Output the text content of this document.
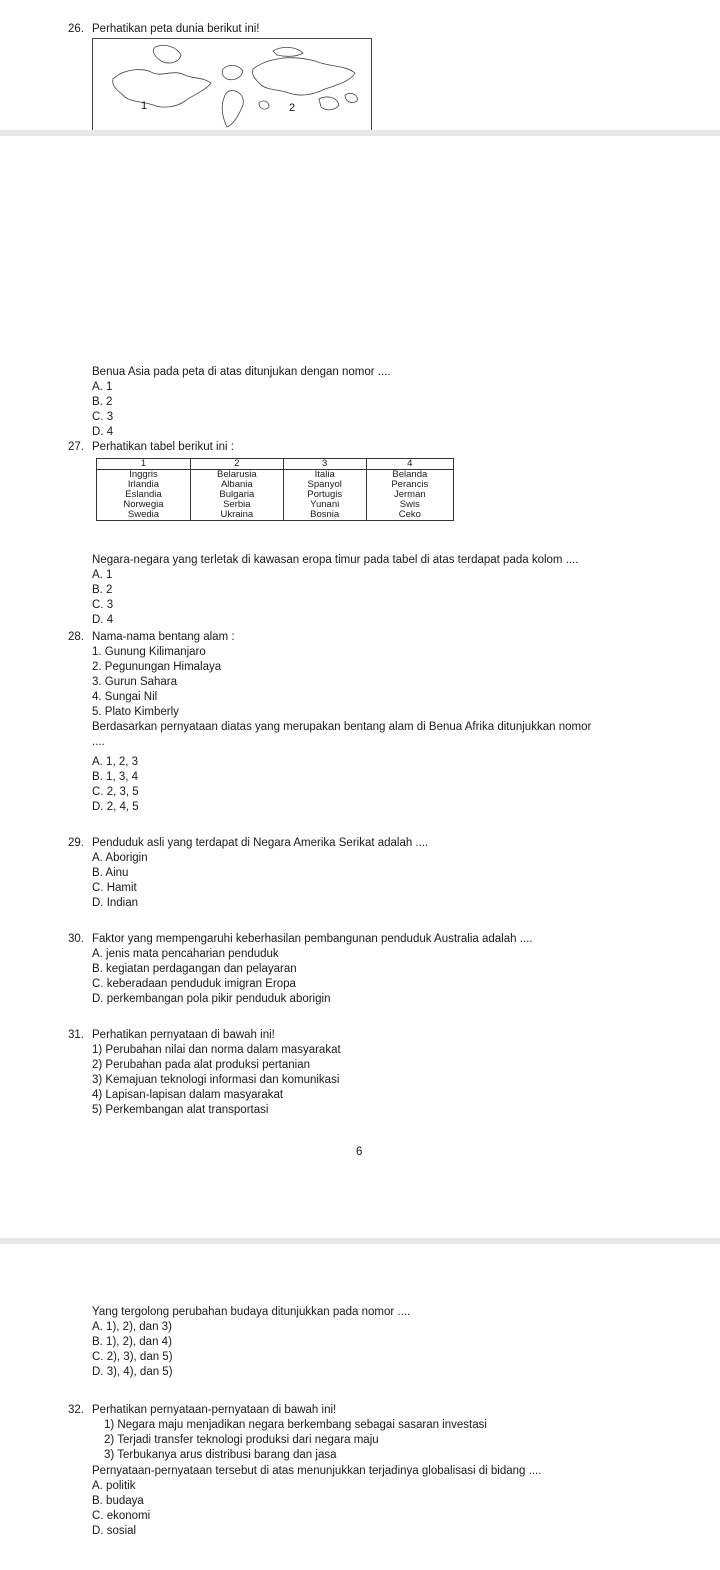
26. Perhatikan peta dunia berikut ini!
1	2
Benua Asia pada peta di atas ditunjukan dengan nomor ....
A. 1
B. 2
C. 3
D. 4
27. Perhatikan tabel berikut ini :
1	2	3	4
Inggris	Belarusia	Italia	Belanda
Irlandia	Albania	Spanyol	Perancis
Eslandia	Bulgaria	Portugis	Jerman
Norwegia	Serbia	Yunani	Swis
Swedia	Ukraina	Bosnia	Ceko
Negara-negara yang terletak di kawasan eropa timur pada tabel di atas terdapat pada kolom ....
A. 1
B. 2
C. 3
D. 4
28. Nama-nama bentang alam :
1. Gunung Kilimanjaro
2. Pegunungan Himalaya
3. Gurun Sahara
4. Sungai Nil
5. Plato Kimberly
Berdasarkan pernyataan diatas yang merupakan bentang alam di Benua Afrika ditunjukkan nomor
....
A. 1, 2, 3
B. 1, 3, 4
C. 2, 3, 5
D. 2, 4, 5
29. Penduduk asli yang terdapat di Negara Amerika Serikat adalah ....
A. Aborigin
B. Ainu
C. Hamit
D. Indian
30. Faktor yang mempengaruhi keberhasilan pembangunan penduduk Australia adalah ....
A. jenis mata pencaharian penduduk
B. kegiatan perdagangan dan pelayaran
C. keberadaan penduduk imigran Eropa
D. perkembangan pola pikir penduduk aborigin
31. Perhatikan pernyataan di bawah ini!
1) Perubahan nilai dan norma dalam masyarakat
2) Perubahan pada alat produksi pertanian
3) Kemajuan teknologi informasi dan komunikasi
4) Lapisan-lapisan dalam masyarakat
5) Perkembangan alat transportasi
6
Yang tergolong perubahan budaya ditunjukkan pada nomor ....
A. 1), 2), dan 3)
B. 1), 2), dan 4)
C. 2), 3), dan 5)
D. 3), 4), dan 5)
32. Perhatikan pernyataan-pernyataan di bawah ini!
1) Negara maju menjadikan negara berkembang sebagai sasaran investasi
2) Terjadi transfer teknologi produksi dari negara maju
3) Terbukanya arus distribusi barang dan jasa
Pernyataan-pernyataan tersebut di atas menunjukkan terjadinya globalisasi di bidang ....
A. politik
B. budaya
C. ekonomi
D. sosial
